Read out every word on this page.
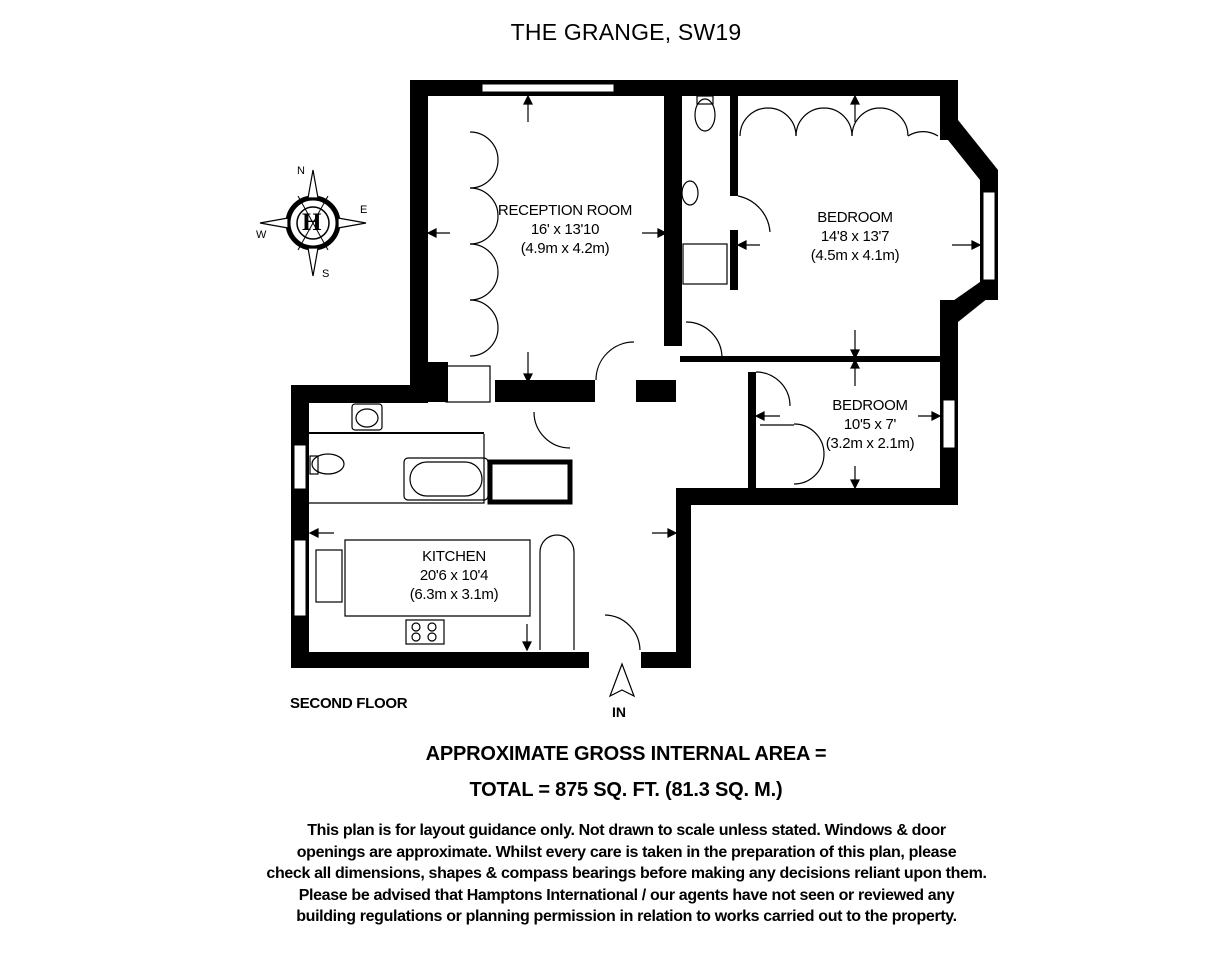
THE GRANGE, SW19
N
E
S
W H	RECEPTION ROOM
16' x 13'10
(4.9m x 4.2m)
BEDROOM
14'8 x 13'7
(4.5m x 4.1m)
BEDROOM
10'5 x 7'
(3.2m x 2.1m)
KITCHEN
20'6 x 10'4
(6.3m x 3.1m)
SECOND FLOOR	IN
APPROXIMATE GROSS INTERNAL AREA =
TOTAL = 875 SQ. FT. (81.3 SQ. M.)
This plan is for layout guidance only. Not drawn to scale unless stated. Windows & door
openings are approximate. Whilst every care is taken in the preparation of this plan, please
check all dimensions, shapes & compass bearings before making any decisions reliant upon them.
Please be advised that Hamptons International / our agents have not seen or reviewed any
building regulations or planning permission in relation to works carried out to the property.
